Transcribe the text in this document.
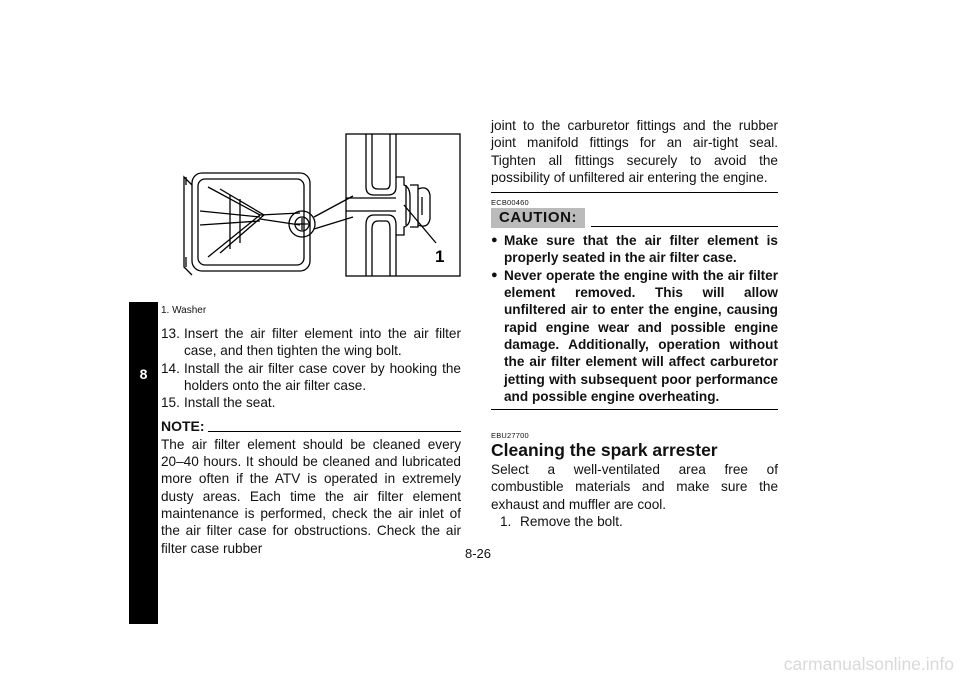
8
1
1. Washer
13. Insert the air filter element into the air filter case, and then tighten the wing bolt.
14. Install the air filter case cover by hooking the holders onto the air filter case.
15. Install the seat.
NOTE:
The air filter element should be cleaned every 20–40 hours. It should be cleaned and lubricated more often if the ATV is operated in extremely dusty areas. Each time the air filter element maintenance is performed, check the air inlet of the air filter case for obstructions. Check the air filter case rubber
joint to the carburetor fittings and the rubber joint manifold fittings for an air-tight seal. Tighten all fittings securely to avoid the possibility of unfiltered air entering the engine.
ECB00460
CAUTION:
● Make sure that the air filter element is properly seated in the air filter case.
● Never operate the engine with the air filter element removed. This will allow unfiltered air to enter the engine, causing rapid engine wear and possible engine damage. Additionally, operation without the air filter element will affect carburetor jetting with subsequent poor performance and possible engine overheating.
EBU27700
Cleaning the spark arrester
Select a well-ventilated area free of combustible materials and make sure the exhaust and muffler are cool.
1. Remove the bolt.
8-26
carmanualsonline.info
